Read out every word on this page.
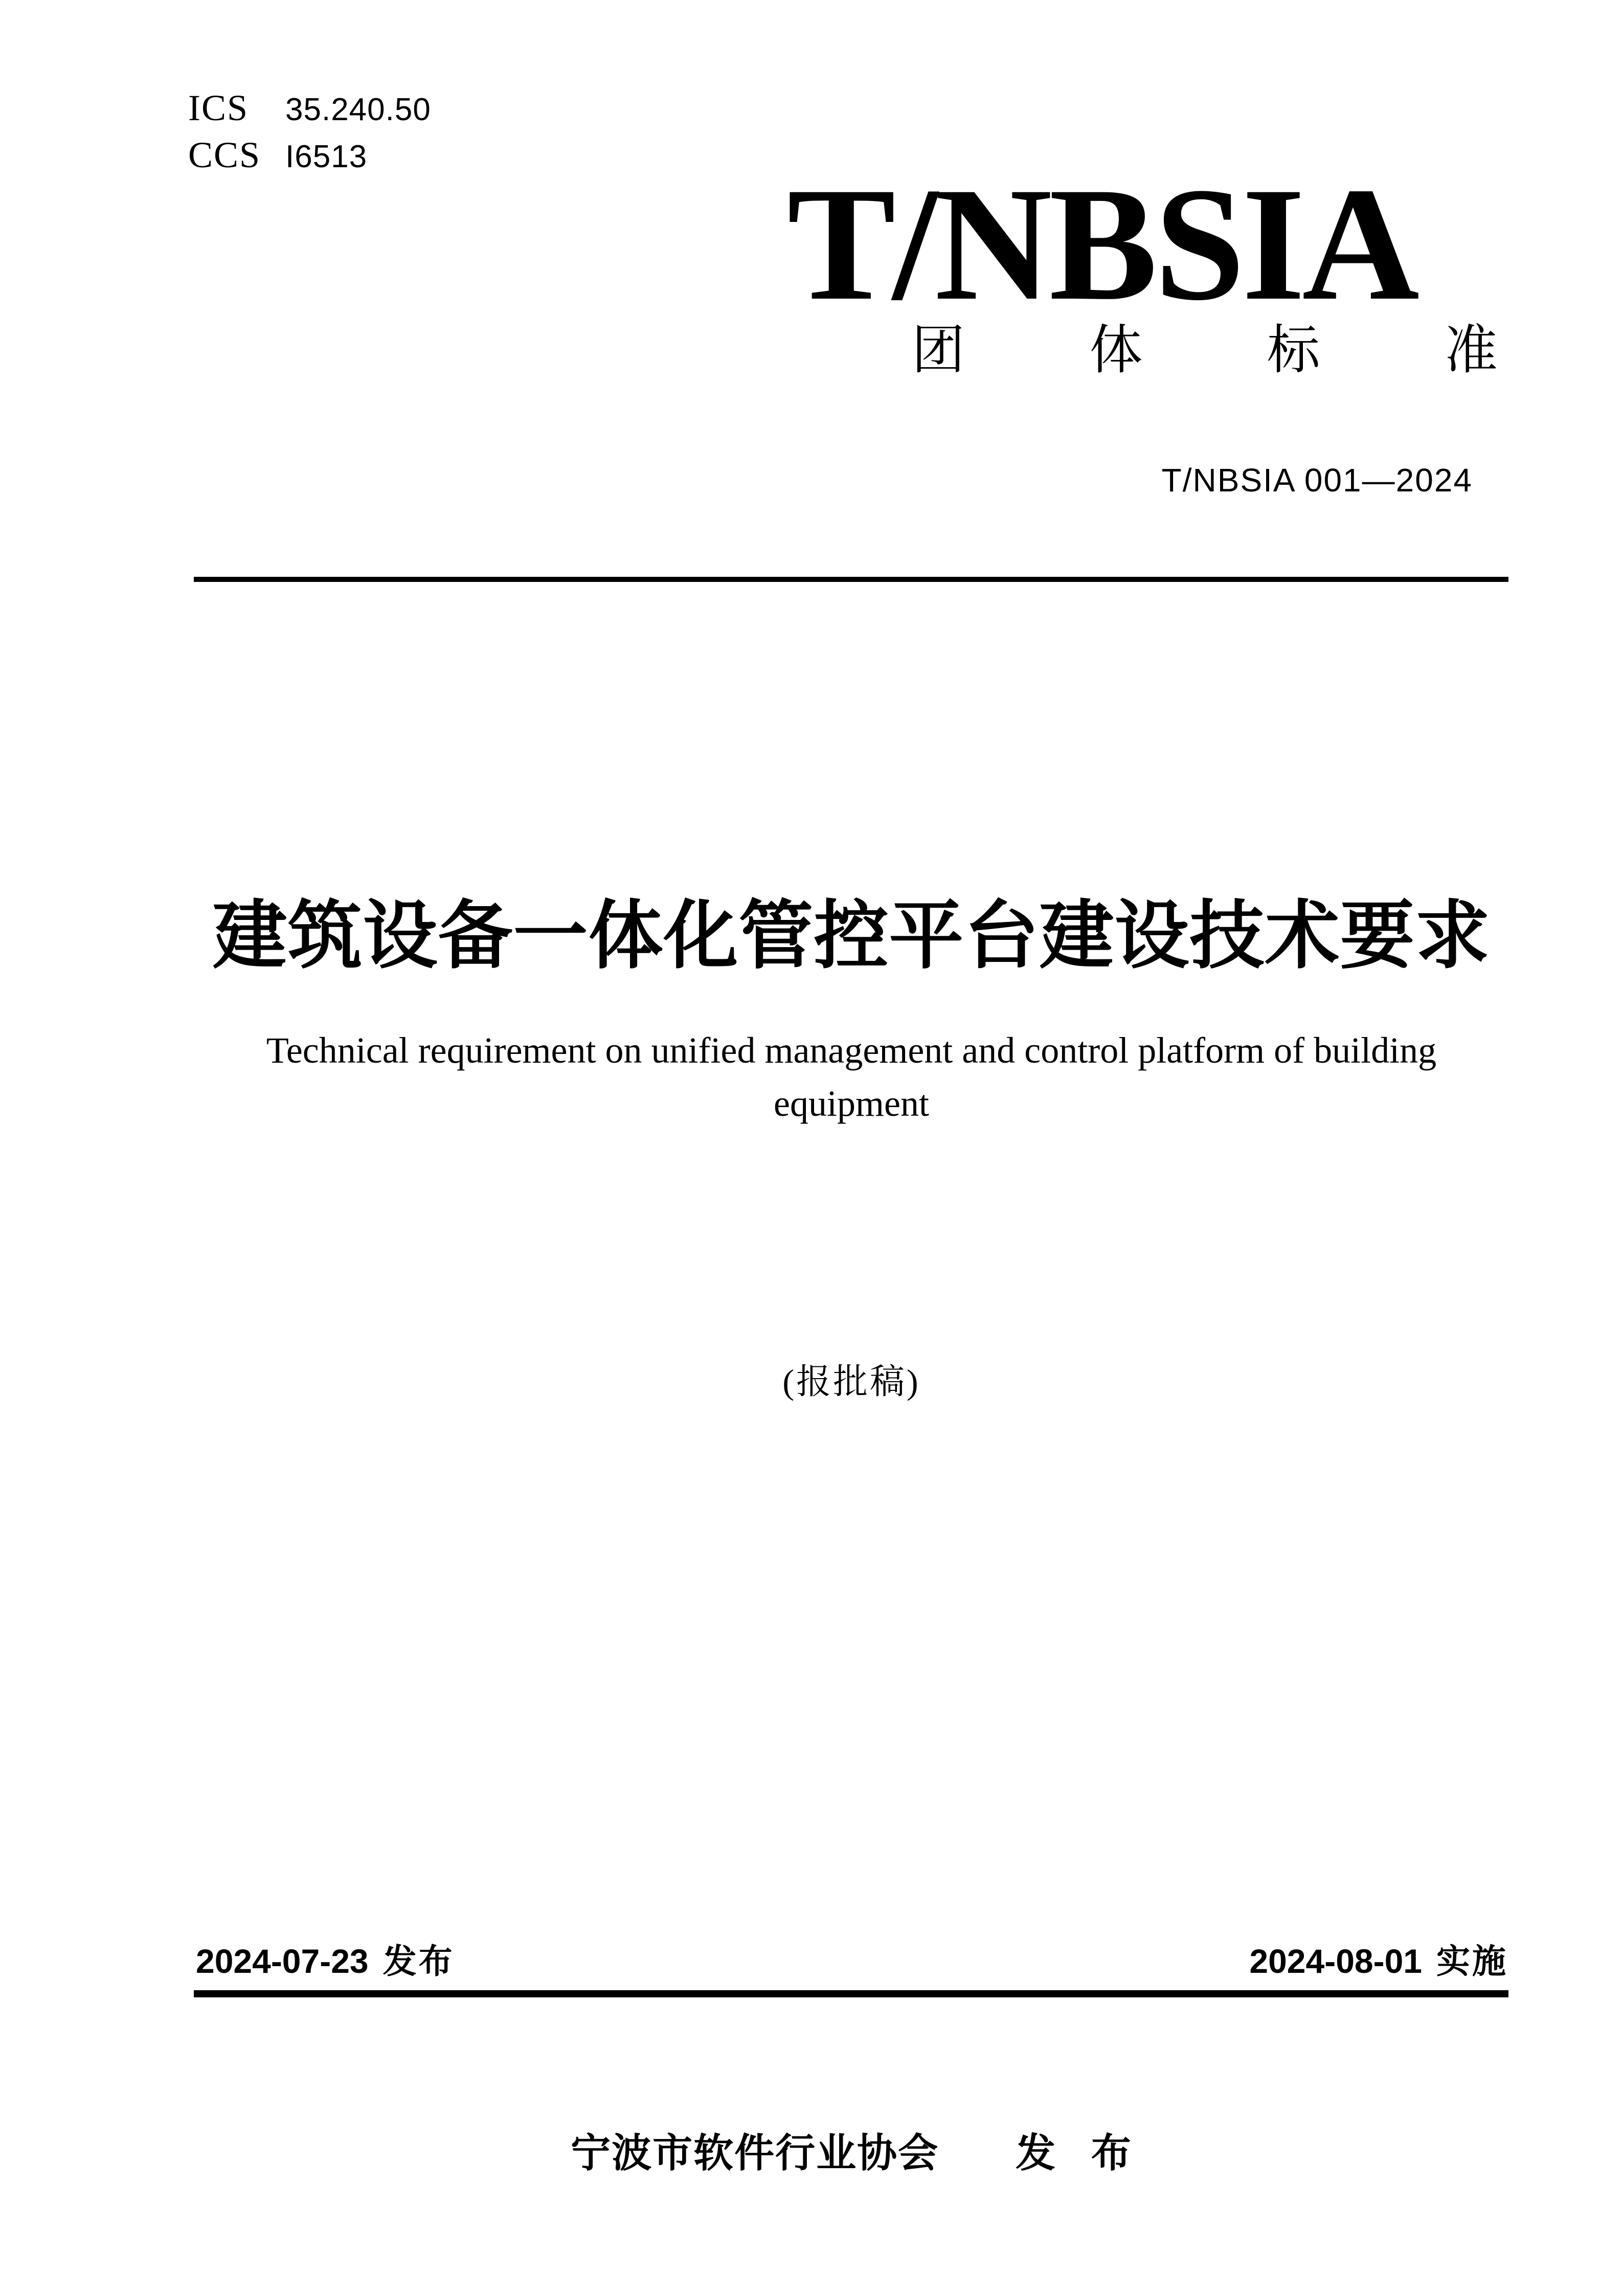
ICS	35.240.50
CCS I6513	T/NBSIA
团 体 标 准
T/NBSIA 001—2024
建筑设备一体化管控平台建设技术要求
Technical requirement on unified management and control platform of building
equipment
(报批稿)
2024-07-23 发布	2024-08-01 实施
宁波市软件行业协会 发 布
